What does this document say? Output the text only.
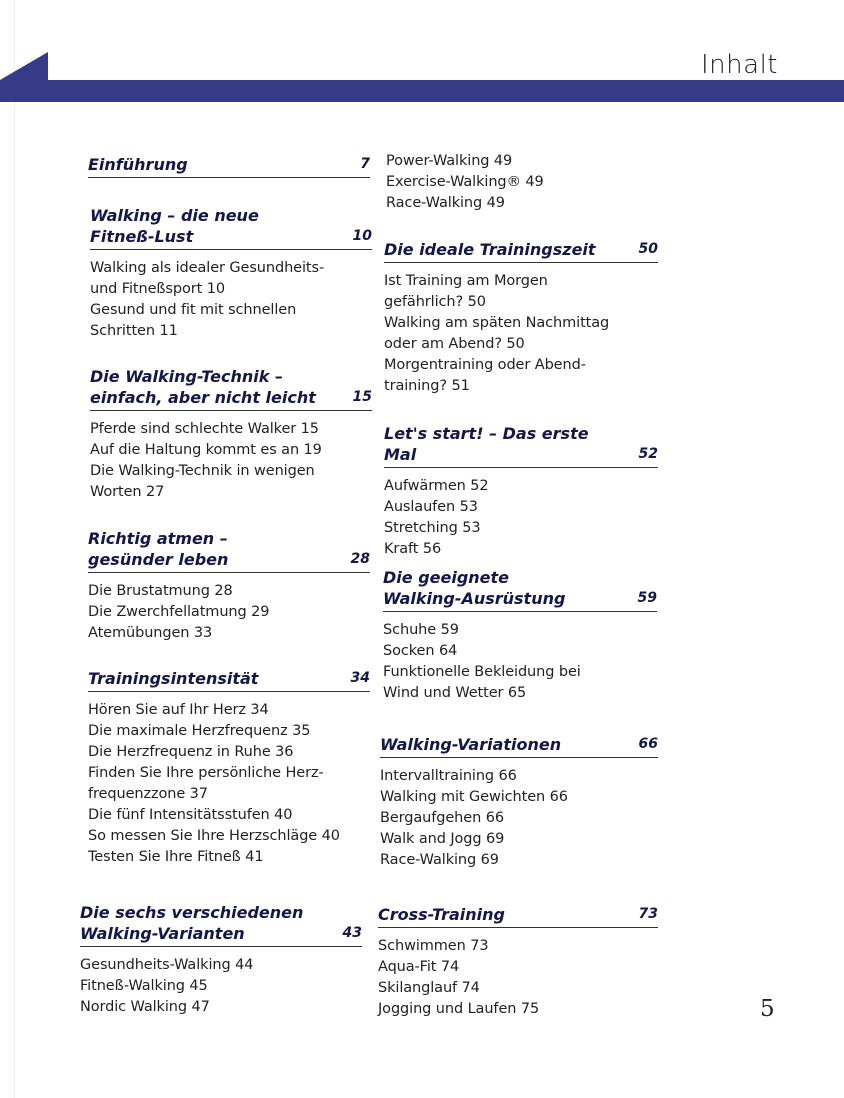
Inhalt
Einführung	7
Walking – die neue
Fitneß-Lust	10
Walking als idealer Gesundheits-
und Fitneßsport 10
Gesund und fit mit schnellen
Schritten 11
Die Walking-Technik –
einfach, aber nicht leicht	15
Pferde sind schlechte Walker 15
Auf die Haltung kommt es an 19
Die Walking-Technik in wenigen
Worten 27
Richtig atmen –
gesünder leben	28
Die Brustatmung 28
Die Zwerchfellatmung 29
Atemübungen 33
Trainingsintensität	34
Hören Sie auf Ihr Herz 34
Die maximale Herzfrequenz 35
Die Herzfrequenz in Ruhe 36
Finden Sie Ihre persönliche Herz-
frequenzzone 37
Die fünf Intensitätsstufen 40
So messen Sie Ihre Herzschläge 40
Testen Sie Ihre Fitneß 41
Die sechs verschiedenen
Walking-Varianten	43
Gesundheits-Walking 44
Fitneß-Walking 45
Nordic Walking 47
Power-Walking 49
Exercise-Walking® 49
Race-Walking 49
Die ideale Trainingszeit	50
Ist Training am Morgen
gefährlich? 50
Walking am späten Nachmittag
oder am Abend? 50
Morgentraining oder Abend-
training? 51
Let's start! – Das erste Mal	52
Aufwärmen 52
Auslaufen 53
Stretching 53
Kraft 56
Die geeignete
Walking-Ausrüstung	59
Schuhe 59
Socken 64
Funktionelle Bekleidung bei
Wind und Wetter 65
Walking-Variationen	66
Intervalltraining 66
Walking mit Gewichten 66
Bergaufgehen 66
Walk and Jogg 69
Race-Walking 69
Cross-Training	73
Schwimmen 73
Aqua-Fit 74
Skilanglauf 74
Jogging und Laufen 75	5
